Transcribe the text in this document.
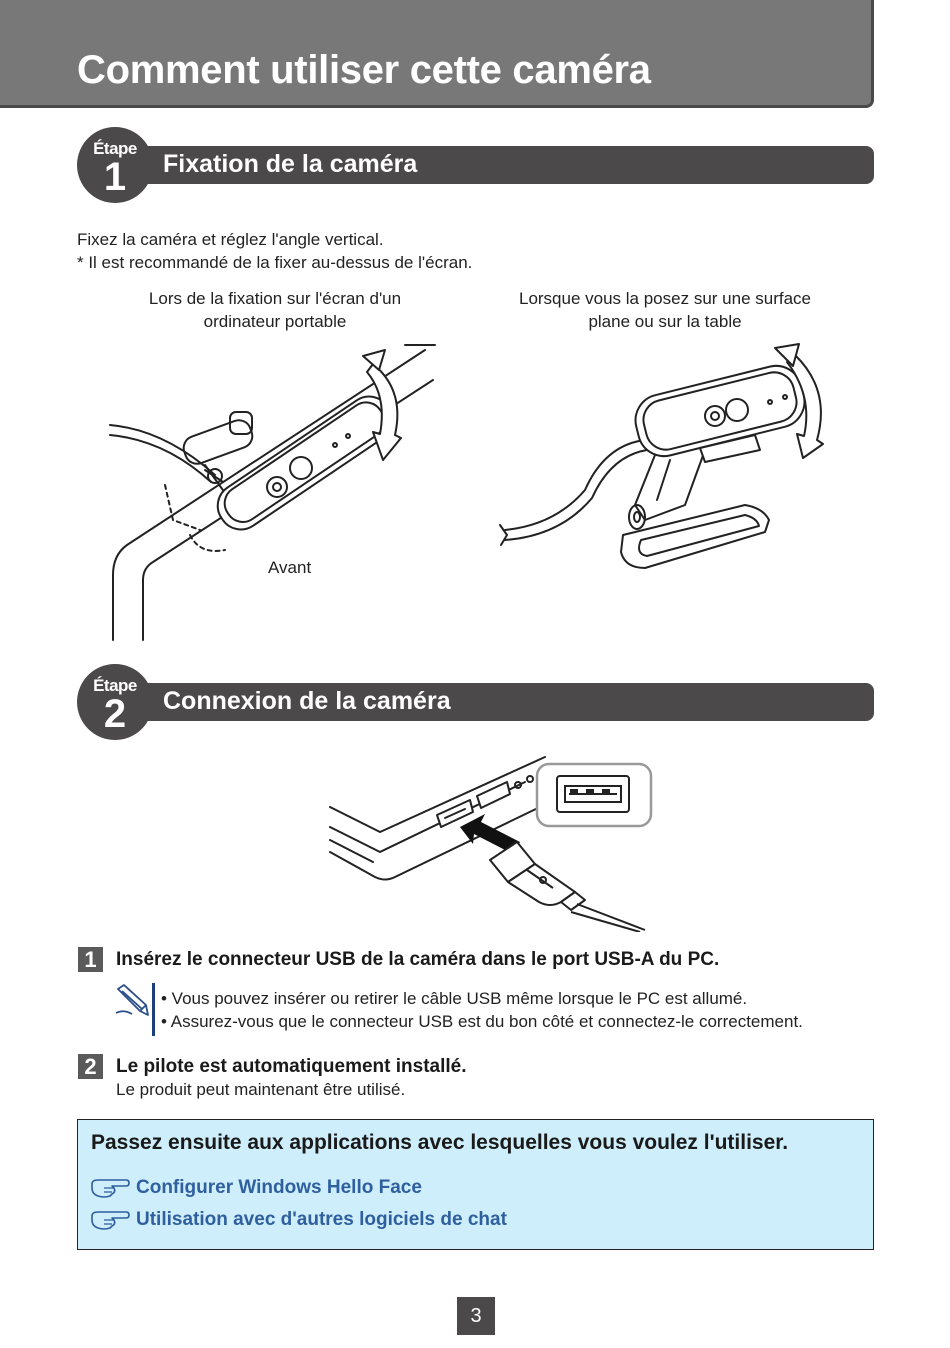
Comment utiliser cette caméra
Fixation de la caméra
Étape
1
Fixez la caméra et réglez l'angle vertical.
* Il est recommandé de la fixer au-dessus de l'écran.
Lors de la fixation sur l'écran d'un
ordinateur portable
Lorsque vous la posez sur une surface
plane ou sur la table
Avant
Connexion de la caméra
Étape
2
1	Insérez le connecteur USB de la caméra dans le port USB-A du PC.
• Vous pouvez insérer ou retirer le câble USB même lorsque le PC est allumé.
• Assurez-vous que le connecteur USB est du bon côté et connectez-le correctement.
2	Le pilote est automatiquement installé.
Le produit peut maintenant être utilisé.
Passez ensuite aux applications avec lesquelles vous voulez l'utiliser.
Configurer Windows Hello Face
Utilisation avec d'autres logiciels de chat
3
